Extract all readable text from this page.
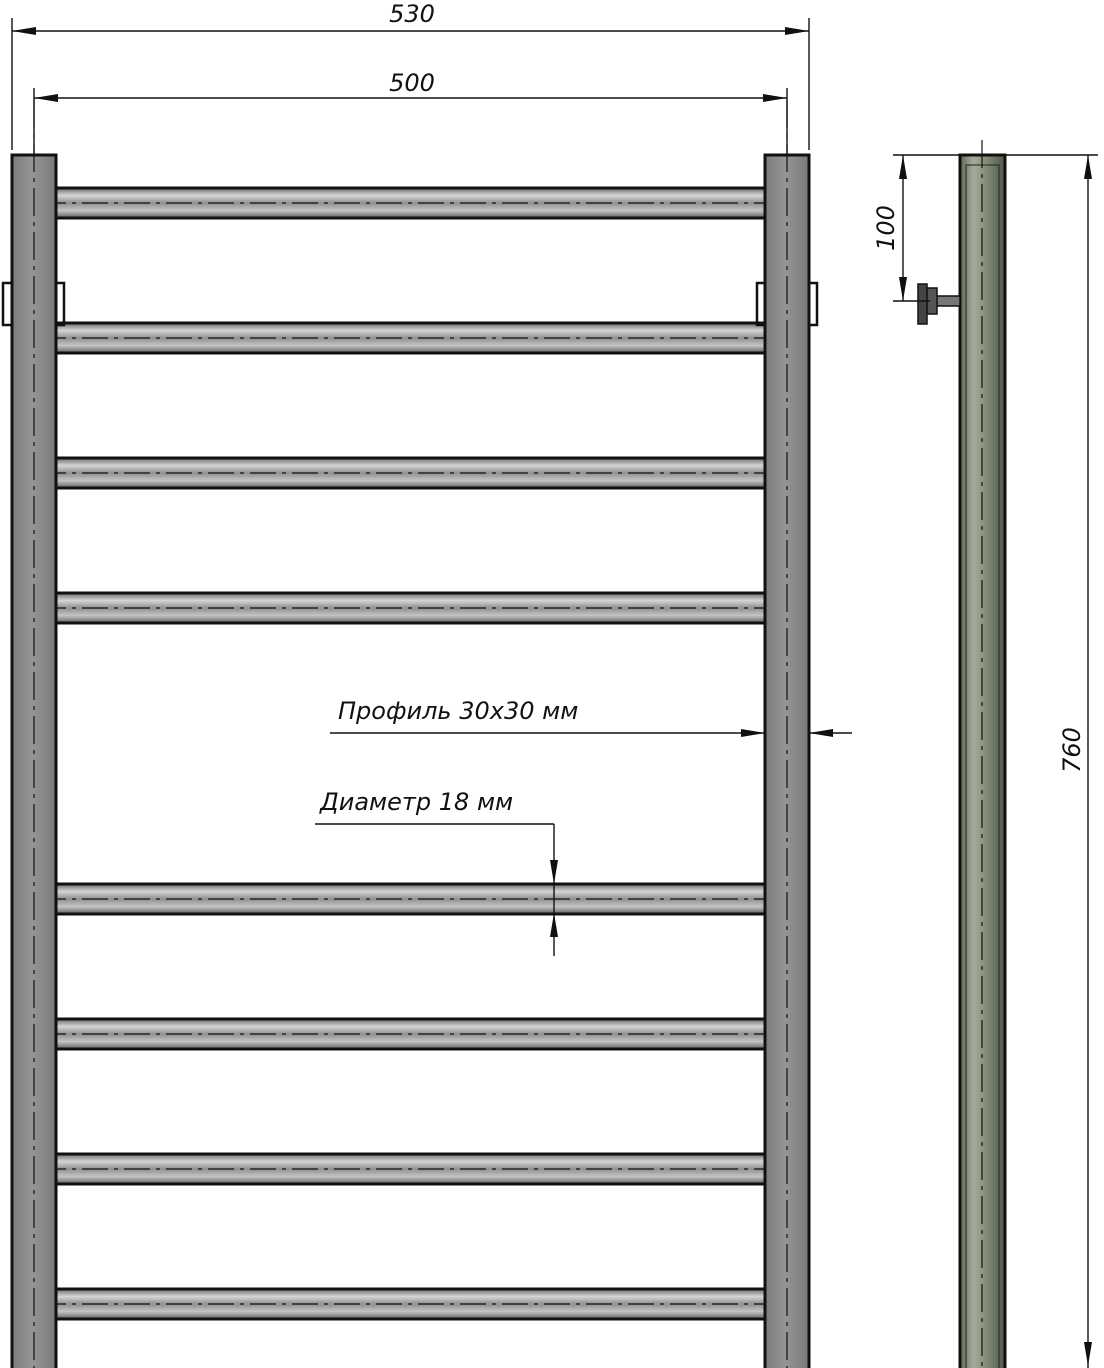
530
500
Профиль 30х30 мм
Диаметр 18 мм
100
760
